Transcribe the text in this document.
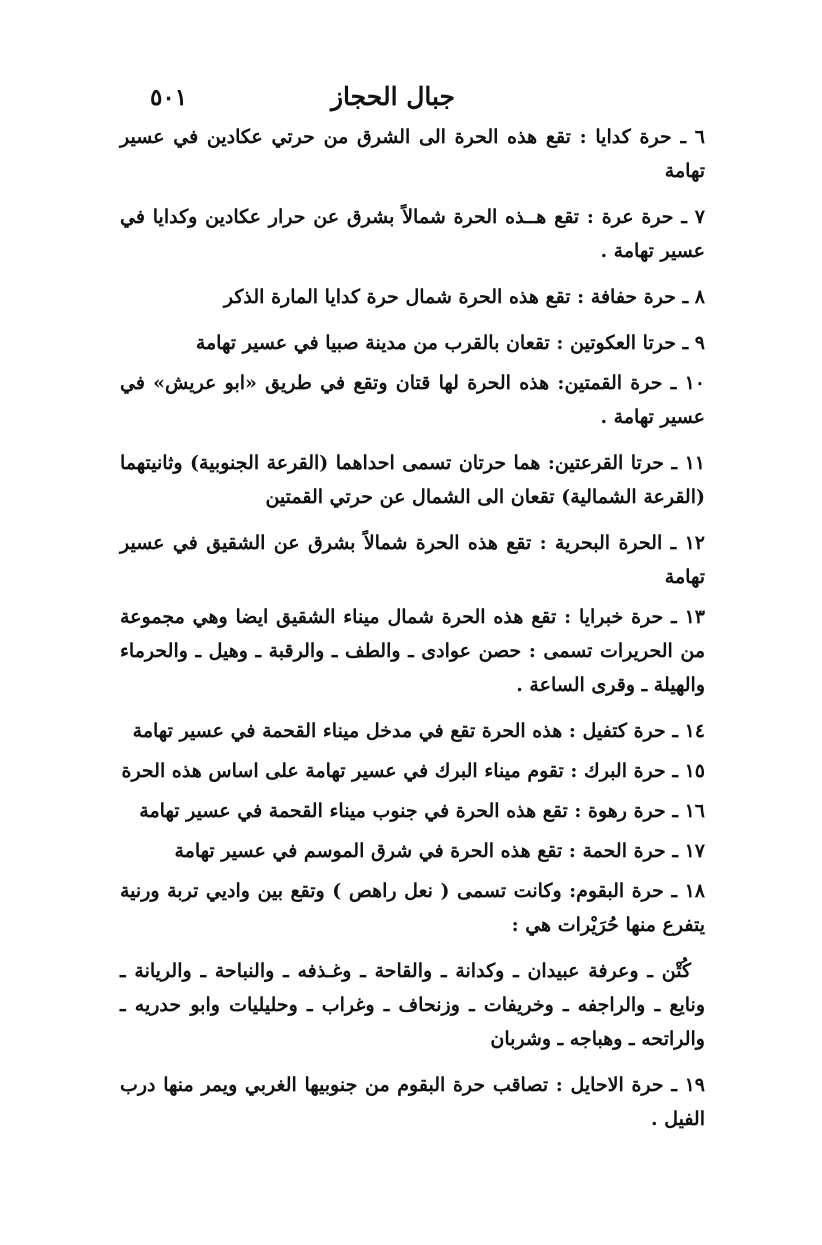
جبال الحجاز
٥٠١

٦ ـ حرة كدايا : تقع هذه الحرة الى الشرق من حرتي عكادين في عسير تهامة

٧ ـ حرة عرة : تقع هــذه الحرة شمالاً بشرق عن حرار عكادين وكدايا في عسير تهامة .

٨ ـ حرة حفافة : تقع هذه الحرة شمال حرة كدايا المارة الذكر

٩ ـ حرتا العكوتين : تقعان بالقرب من مدينة صبيا في عسير تهامة

١٠ ـ حرة القمتين: هذه الحرة لها قتان وتقع في طريق «ابو عريش» في عسير تهامة .

١١ ـ حرتا القرعتين: هما حرتان تسمى احداهما (القرعة الجنوبية) وثانيتهما (القرعة الشمالية) تقعان الى الشمال عن حرتي القمتين

١٢ ـ الحرة البحرية : تقع هذه الحرة شمالاً بشرق عن الشقيق في عسير تهامة

١٣ ـ حرة خبرايا : تقع هذه الحرة شمال ميناء الشقيق ايضا وهي مجموعة من الحريرات تسمى : حصن عوادى ـ والطف ـ والرقبة ـ وهيل ـ والحرماء والهيلة ـ وقرى الساعة .

١٤ ـ حرة كتفيل : هذه الحرة تقع في مدخل ميناء القحمة في عسير تهامة

١٥ ـ حرة البرك : تقوم ميناء البرك في عسير تهامة على اساس هذه الحرة

١٦ ـ حرة رهوة : تقع هذه الحرة في جنوب ميناء القحمة في عسير تهامة

١٧ ـ حرة الحمة : تقع هذه الحرة في شرق الموسم في عسير تهامة

١٨ ـ حرة البقوم: وكانت تسمى ( نعل راهص ) وتقع بين واديي تربة ورنية يتفرع منها حُرَيْرات هي :

كُتْن ـ وعرفة عبيدان ـ وكدانة ـ والقاحة ـ وغـذفه ـ والنباحة ـ والريانة ـ ونايع ـ والراجفه ـ وخريفات ـ وزنحاف ـ وغراب ـ وحليليات وابو حدريه ـ والراتحه ـ وهباجه ـ وشربان

١٩ ـ حرة الاحايل : تصاقب حرة البقوم من جنوبيها الغربي ويمر منها درب الفيل .
